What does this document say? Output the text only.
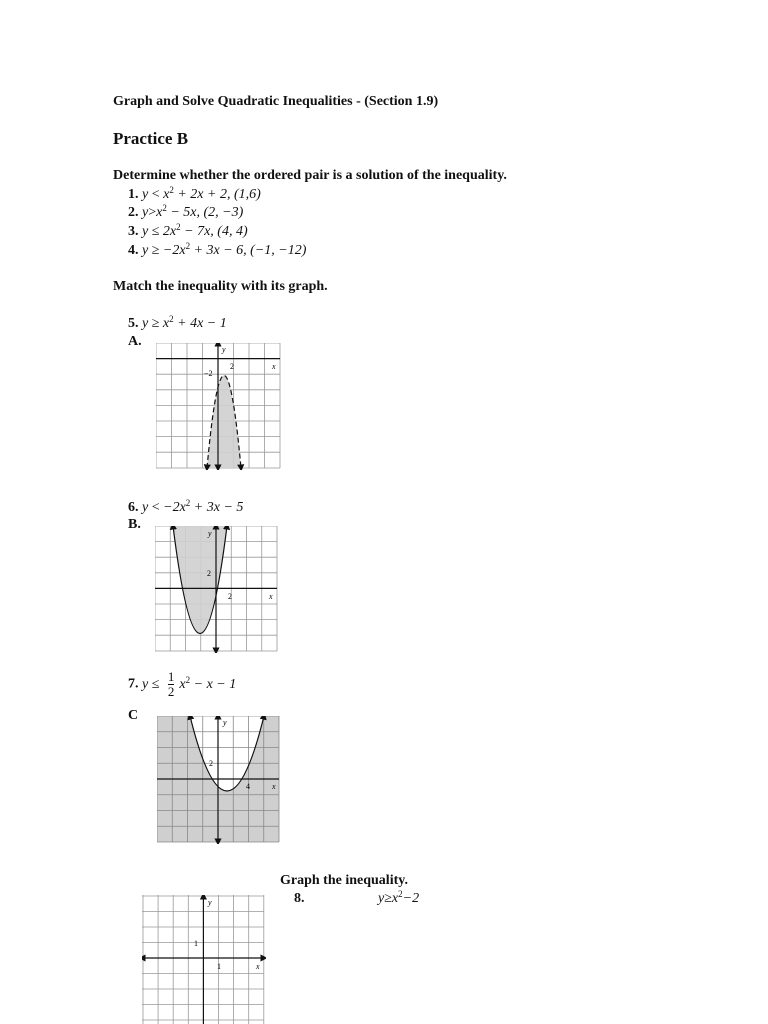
Graph and Solve Quadratic Inequalities - (Section 1.9)
Practice B
Determine whether the ordered pair is a solution of the inequality.
1. $y < x^2 + 2x + 2$, (1,6)
2. $y>x^2 - 5x$, (2, −3)
3. $y \le 2x^2 - 7x$, (4, 4)
4. $y \ge -2x^2 + 3x - 6$, (−1, −12)
Match the inequality with its graph.
5. $y \ge x^2 + 4x - 1$
A.
y
x
2
−2
6. $y < -2x^2 + 3x - 5$
B.
y
x
2
2
7. $y \le \frac{1}{2} x^2 - x - 1$
C	y
x
4
2
Graph the inequality.
8.	$y\ge x^2-2$
y
x
1
1
